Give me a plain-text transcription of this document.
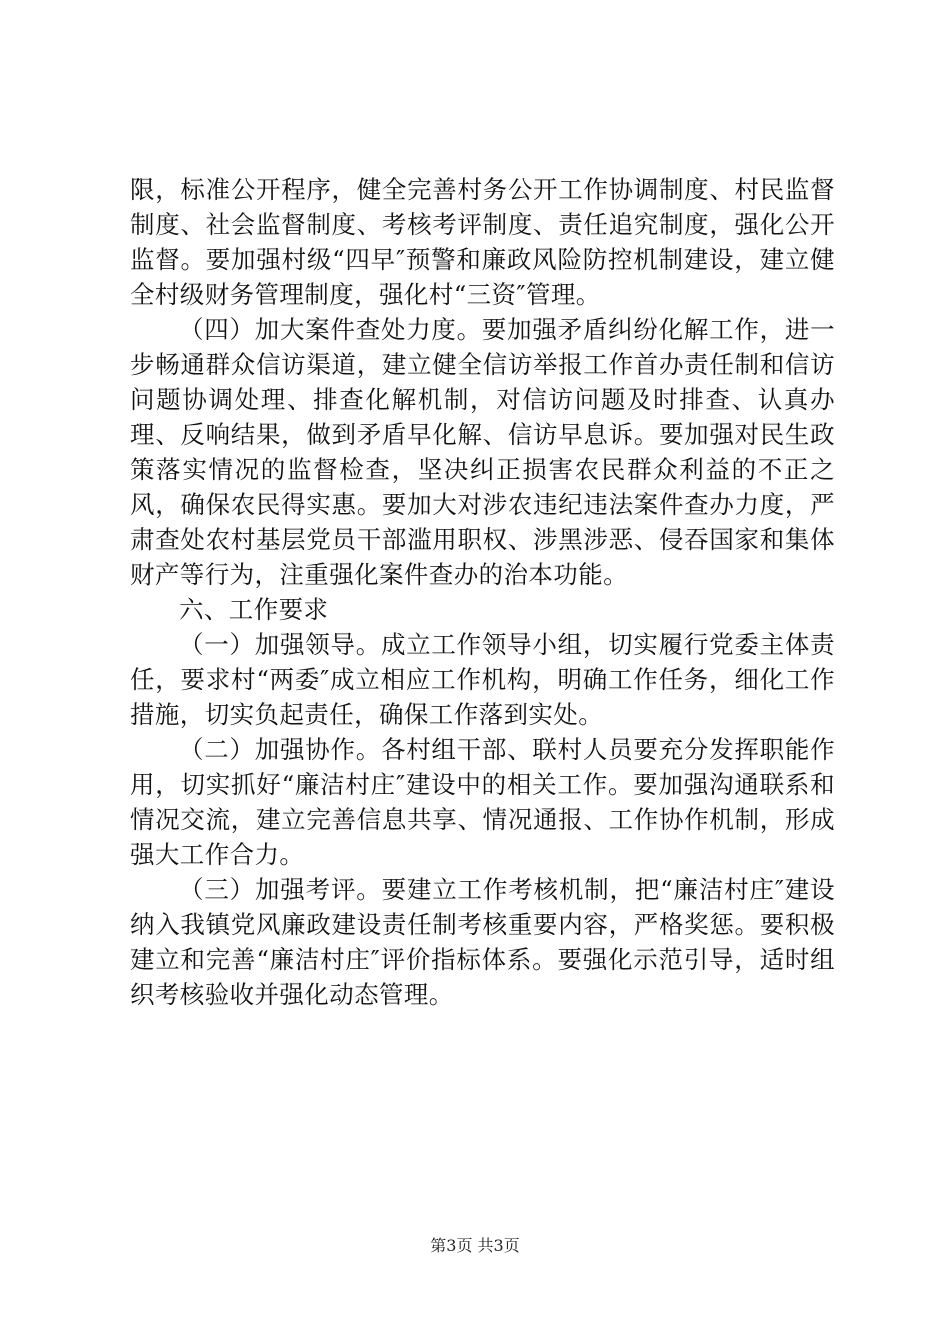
限，标准公开程序，健全完善村务公开工作协调制度、村民监督制度、社会监督制度、考核考评制度、责任追究制度，强化公开监督。要加强村级“四早″预警和廉政风险防控机制建设，建立健全村级财务管理制度，强化村“三资″管理。

（四）加大案件查处力度。要加强矛盾纠纷化解工作，进一步畅通群众信访渠道，建立健全信访举报工作首办责任制和信访问题协调处理、排查化解机制，对信访问题及时排查、认真办理、反响结果，做到矛盾早化解、信访早息诉。要加强对民生政策落实情况的监督检查，坚决纠正损害农民群众利益的不正之风，确保农民得实惠。要加大对涉农违纪违法案件查办力度，严肃查处农村基层党员干部滥用职权、涉黑涉恶、侵吞国家和集体财产等行为，注重强化案件查办的治本功能。

六、工作要求

（一）加强领导。成立工作领导小组，切实履行党委主体责任，要求村“两委″成立相应工作机构，明确工作任务，细化工作措施，切实负起责任，确保工作落到实处。

（二）加强协作。各村组干部、联村人员要充分发挥职能作用，切实抓好“廉洁村庄″建设中的相关工作。要加强沟通联系和情况交流，建立完善信息共享、情况通报、工作协作机制，形成强大工作合力。

（三）加强考评。要建立工作考核机制，把“廉洁村庄″建设纳入我镇党风廉政建设责任制考核重要内容，严格奖惩。要积极建立和完善“廉洁村庄″评价指标体系。要强化示范引导，适时组织考核验收并强化动态管理。

第3页 共3页
